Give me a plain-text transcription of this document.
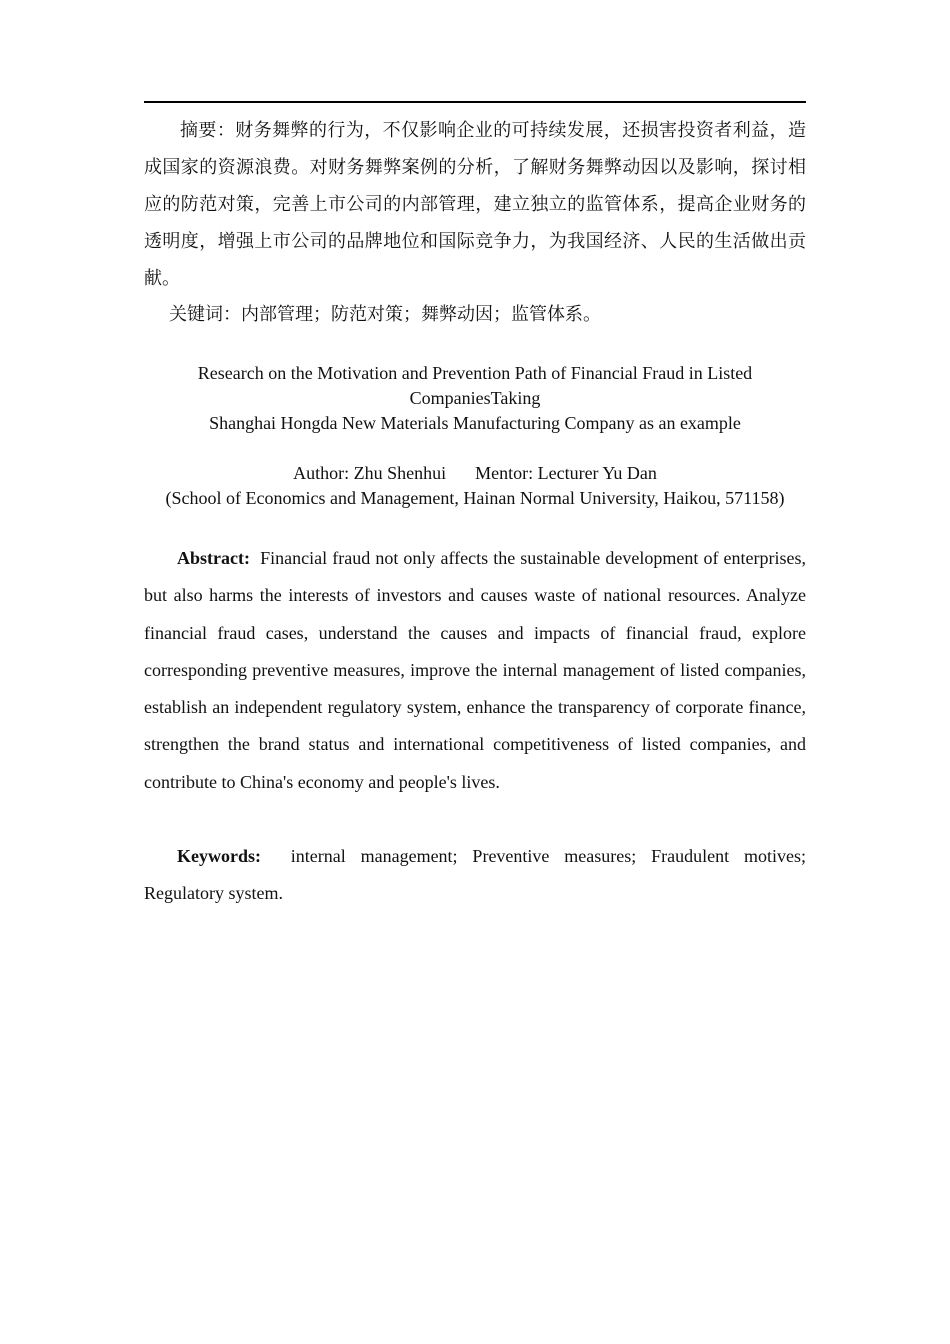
摘要：财务舞弊的行为，不仅影响企业的可持续发展，还损害投资者利益，造成国家的资源浪费。对财务舞弊案例的分析，了解财务舞弊动因以及影响，探讨相应的防范对策，完善上市公司的内部管理，建立独立的监管体系，提高企业财务的透明度，增强上市公司的品牌地位和国际竞争力，为我国经济、人民的生活做出贡献。

关键词：内部管理；防范对策；舞弊动因；监管体系。

Research on the Motivation and Prevention Path of Financial Fraud in Listed
CompaniesTaking
Shanghai Hongda New Materials Manufacturing Company as an example
Author: Zhu Shenhui Mentor: Lecturer Yu Dan
(School of Economics and Management, Hainan Normal University, Haikou, 571158)

Abstract: Financial fraud not only affects the sustainable development of enterprises, but also harms the interests of investors and causes waste of national resources. Analyze financial fraud cases, understand the causes and impacts of financial fraud, explore corresponding preventive measures, improve the internal management of listed companies, establish an independent regulatory system, enhance the transparency of corporate finance, strengthen the brand status and international competitiveness of listed companies, and contribute to China's economy and people's lives.

Keywords: internal management; Preventive measures; Fraudulent motives; Regulatory system.
